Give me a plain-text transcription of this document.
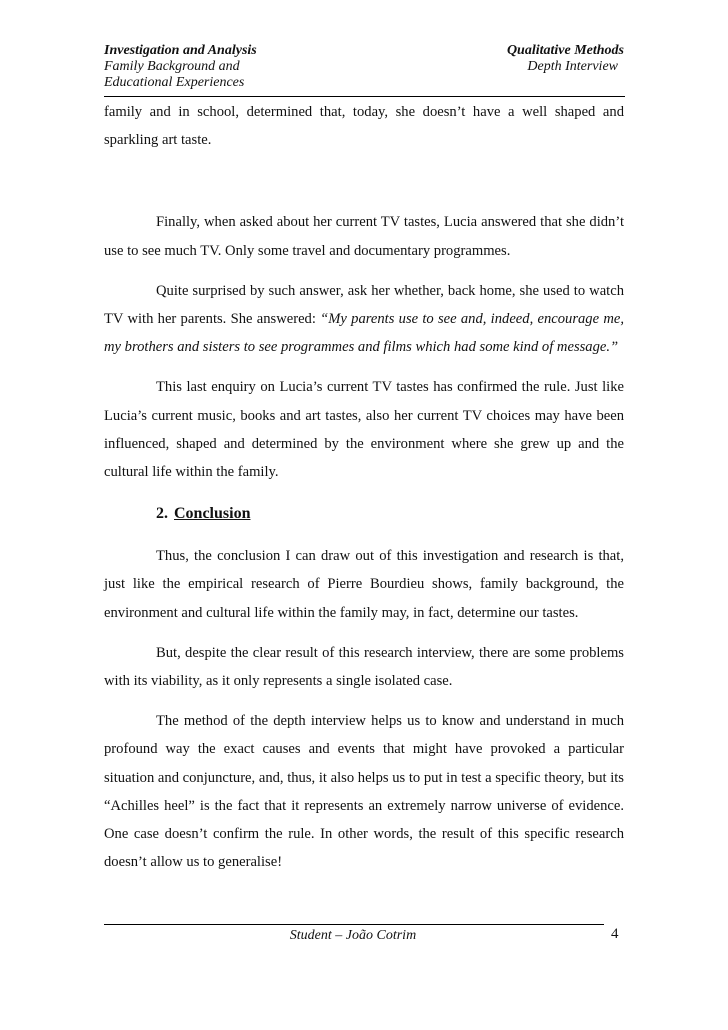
Investigation and Analysis
Family Background and
Educational Experiences
Qualitative Methods
Depth Interview

family and in school, determined that, today, she doesn’t have a well shaped and sparkling art taste.

Finally, when asked about her current TV tastes, Lucia answered that she didn’t use to see much TV. Only some travel and documentary programmes.

Quite surprised by such answer, ask her whether, back home, she used to watch TV with her parents. She answered: “My parents use to see and, indeed, encourage me, my brothers and sisters to see programmes and films which had some kind of message.”

This last enquiry on Lucia’s current TV tastes has confirmed the rule. Just like Lucia’s current music, books and art tastes, also her current TV choices may have been influenced, shaped and determined by the environment where she grew up and the cultural life within the family.

2. Conclusion

Thus, the conclusion I can draw out of this investigation and research is that, just like the empirical research of Pierre Bourdieu shows, family background, the environment and cultural life within the family may, in fact, determine our tastes.

But, despite the clear result of this research interview, there are some problems with its viability, as it only represents a single isolated case.

The method of the depth interview helps us to know and understand in much profound way the exact causes and events that might have provoked a particular situation and conjuncture, and, thus, it also helps us to put in test a specific theory, but its “Achilles heel” is the fact that it represents an extremely narrow universe of evidence. One case doesn’t confirm the rule. In other words, the result of this specific research doesn’t allow us to generalise!

Student – João Cotrim	4
